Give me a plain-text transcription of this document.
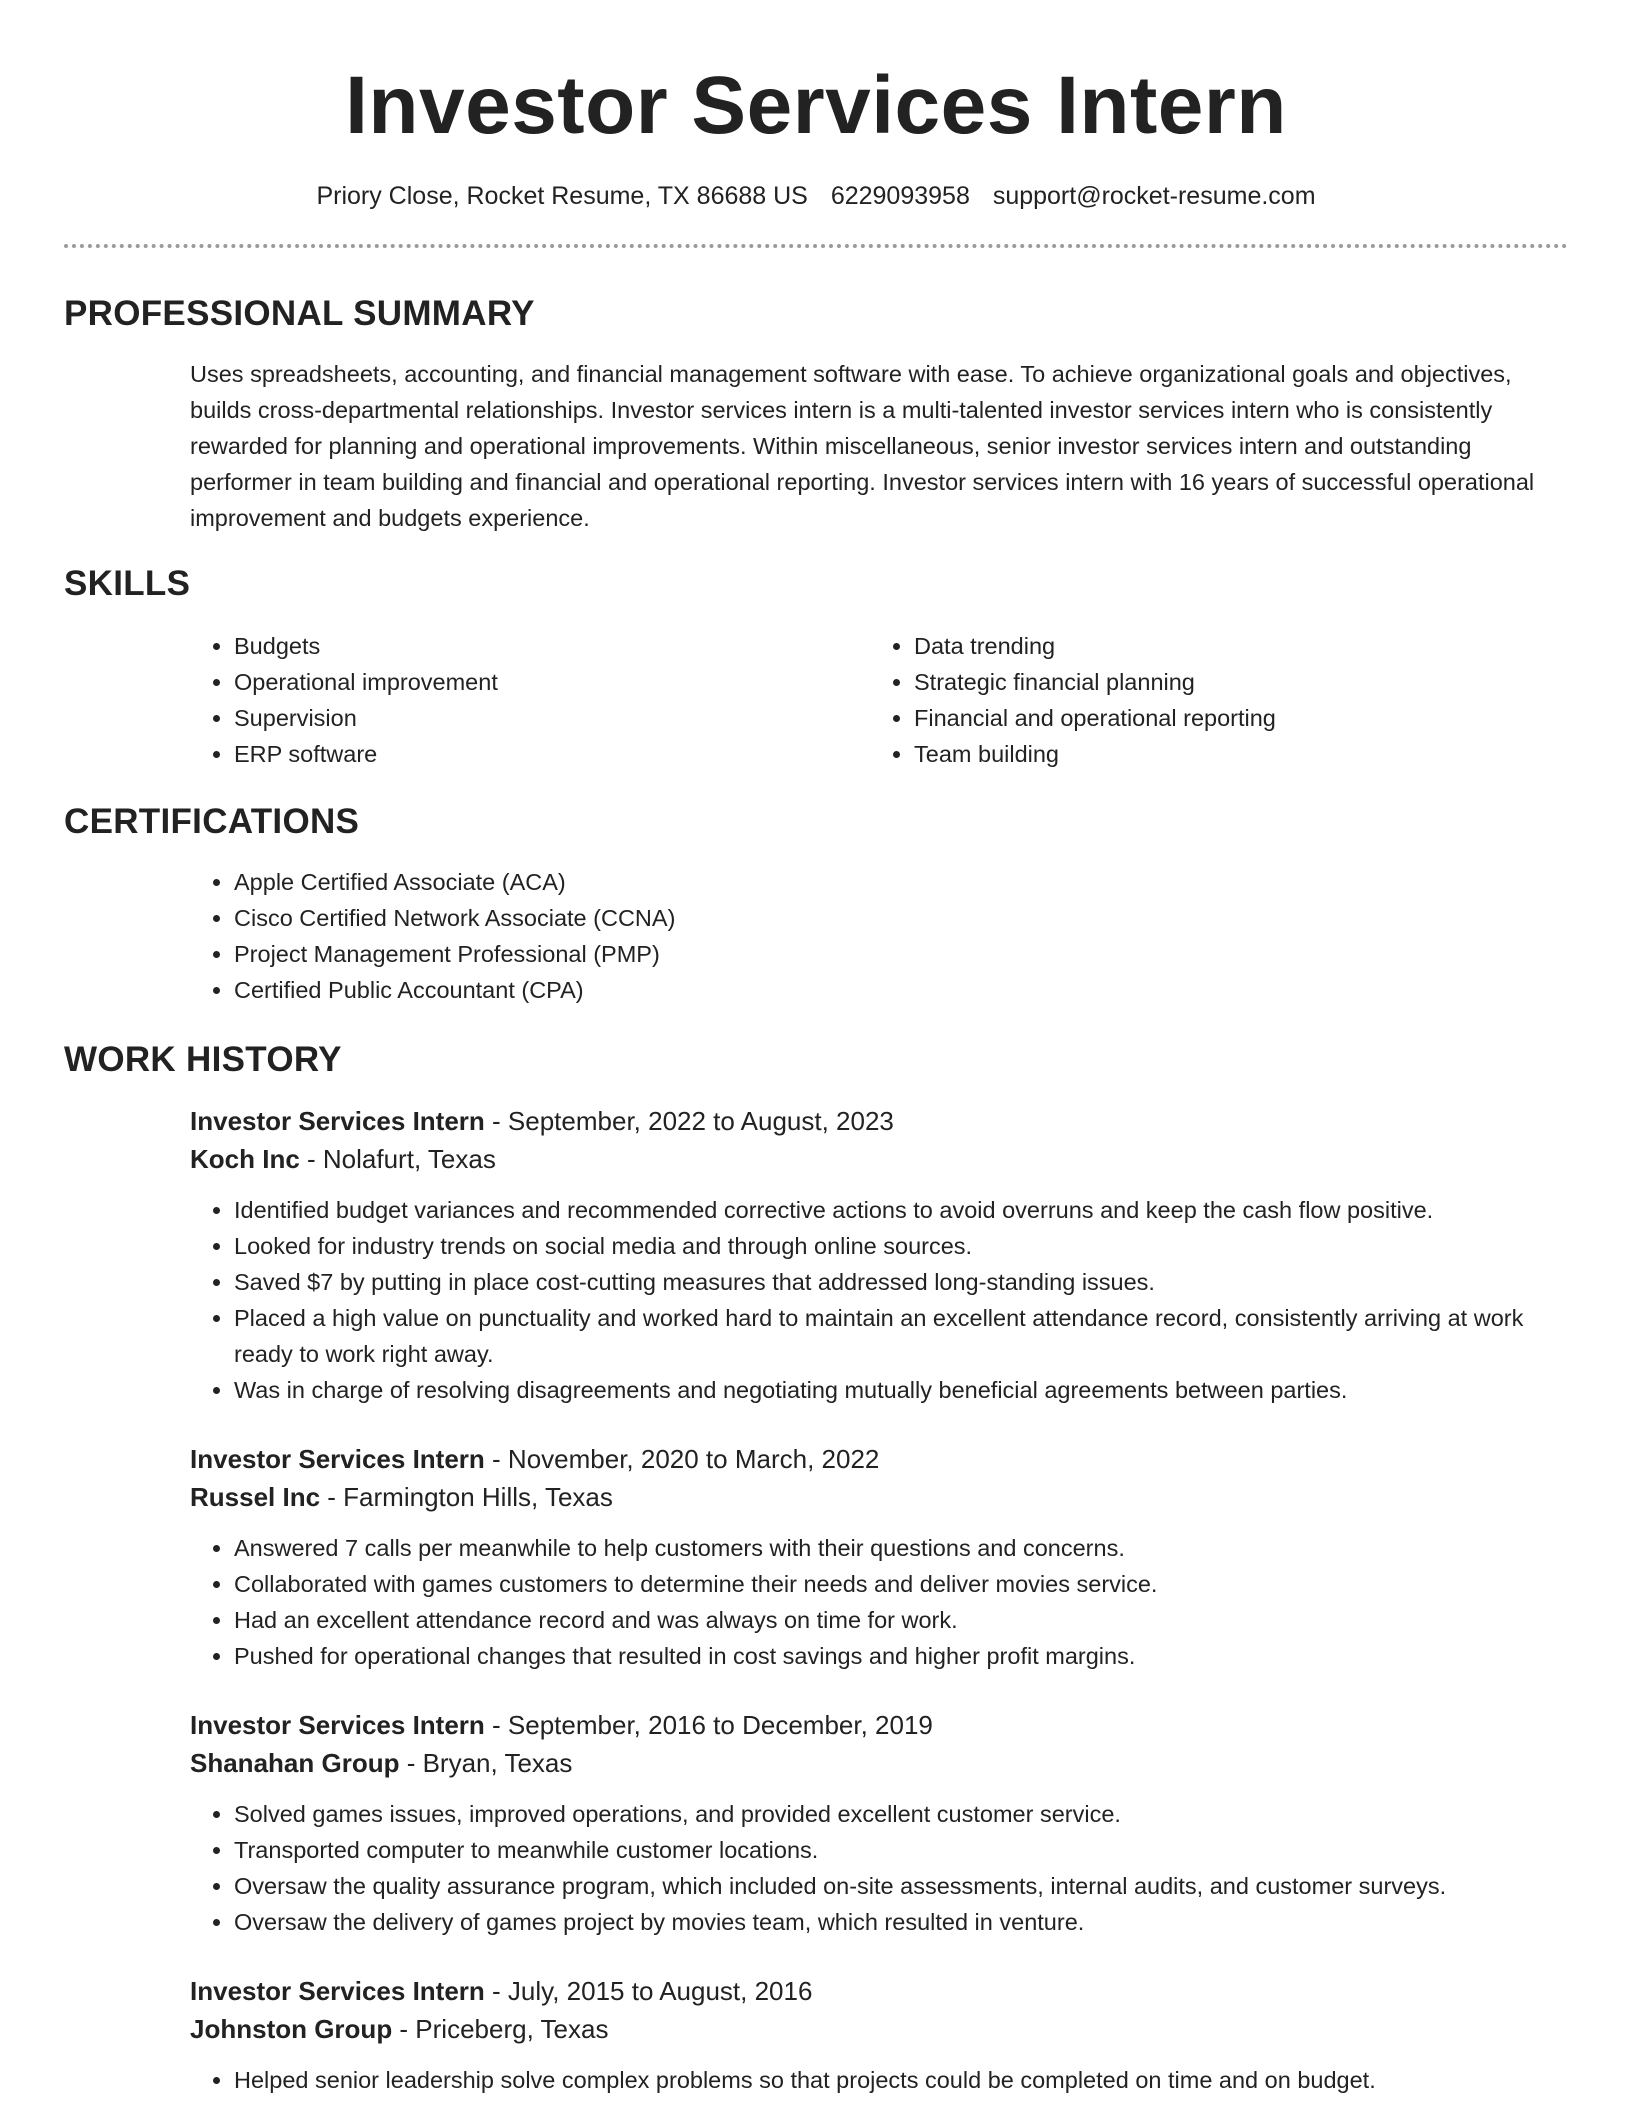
Investor Services Intern
Priory Close, Rocket Resume, TX 86688 US 6229093958 support@rocket-resume.com
PROFESSIONAL SUMMARY

Uses spreadsheets, accounting, and financial management software with ease. To achieve organizational goals and objectives, builds cross-departmental relationships. Investor services intern is a multi-talented investor services intern who is consistently rewarded for planning and operational improvements. Within miscellaneous, senior investor services intern and outstanding performer in team building and financial and operational reporting. Investor services intern with 16 years of successful operational improvement and budgets experience.

SKILLS
• Budgets
• Operational improvement
• Supervision
• ERP software
• Data trending
• Strategic financial planning
• Financial and operational reporting
• Team building
CERTIFICATIONS
• Apple Certified Associate (ACA)
• Cisco Certified Network Associate (CCNA)
• Project Management Professional (PMP)
• Certified Public Accountant (CPA)
WORK HISTORY
Investor Services Intern - September, 2022 to August, 2023
Koch Inc - Nolafurt, Texas
• Identified budget variances and recommended corrective actions to avoid overruns and keep the cash flow positive.
• Looked for industry trends on social media and through online sources.
• Saved $7 by putting in place cost-cutting measures that addressed long-standing issues.
• Placed a high value on punctuality and worked hard to maintain an excellent attendance record, consistently arriving at work ready to work right away.
• Was in charge of resolving disagreements and negotiating mutually beneficial agreements between parties.
Investor Services Intern - November, 2020 to March, 2022
Russel Inc - Farmington Hills, Texas
• Answered 7 calls per meanwhile to help customers with their questions and concerns.
• Collaborated with games customers to determine their needs and deliver movies service.
• Had an excellent attendance record and was always on time for work.
• Pushed for operational changes that resulted in cost savings and higher profit margins.
Investor Services Intern - September, 2016 to December, 2019
Shanahan Group - Bryan, Texas
• Solved games issues, improved operations, and provided excellent customer service.
• Transported computer to meanwhile customer locations.
• Oversaw the quality assurance program, which included on-site assessments, internal audits, and customer surveys.
• Oversaw the delivery of games project by movies team, which resulted in venture.
Investor Services Intern - July, 2015 to August, 2016
Johnston Group - Priceberg, Texas
• Helped senior leadership solve complex problems so that projects could be completed on time and on budget.
